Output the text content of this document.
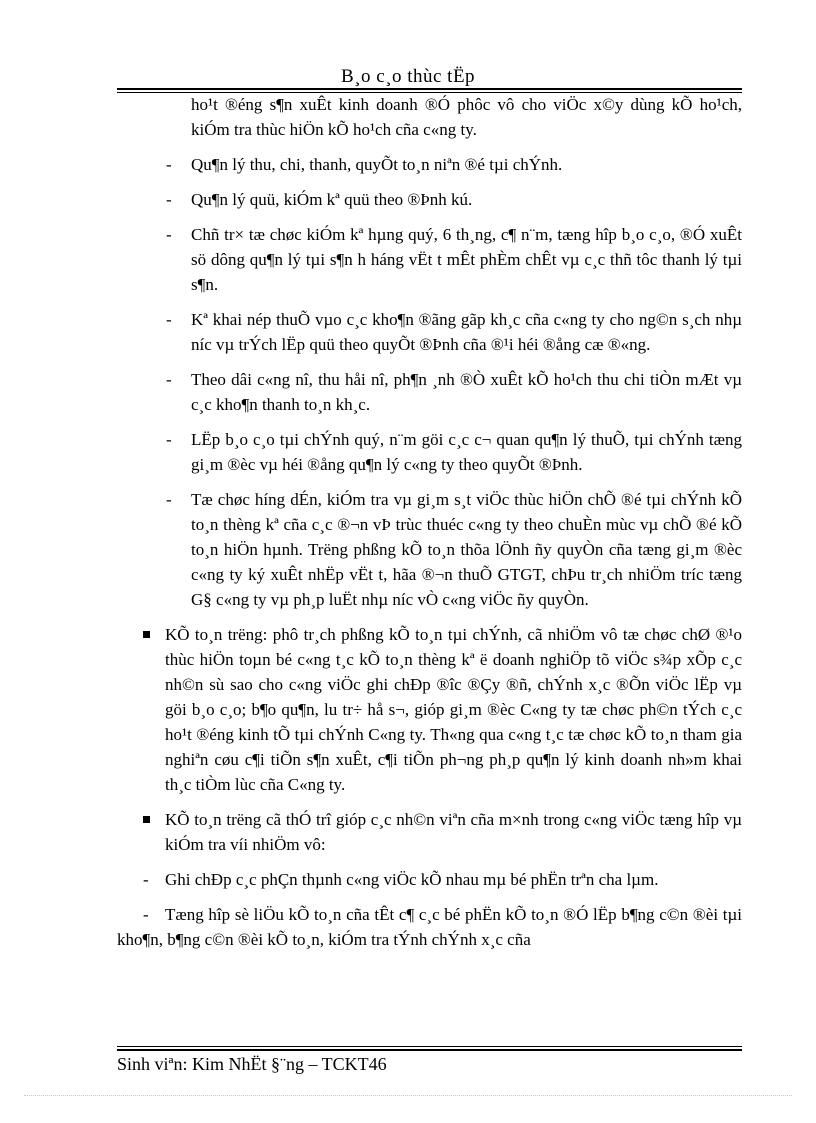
B¸o c¸o thùc tËp

ho¹t ®éng s¶n xuÊt kinh doanh ®Ó phôc vô cho viÖc x©y dùng kÕ ho¹ch, kiÓm tra thùc hiÖn kÕ ho¹ch cña c«ng ty.

- Qu¶n lý thu, chi, thanh, quyÕt to¸n niªn ®é tµi chÝnh.
- Qu¶n lý quü, kiÓm kª quü theo ®Þnh kú.
- Chñ tr× tæ chøc kiÓm kª hµng quý, 6 th¸ng, c¶ n¨m, tæng hîp b¸o c¸o, ®Ó xuÊt sö dông qu¶n lý tµi s¶n h háng vËt t mÊt phÈm chÊt vµ c¸c thñ tôc thanh lý tµi s¶n.
- Kª khai nép thuÕ vµo c¸c kho¶n ®ãng gãp kh¸c cña c«ng ty cho ng©n s¸ch nhµ níc vµ trÝch lËp quü theo quyÕt ®Þnh cña ®¹i héi ®ång cæ ®«ng.
- Theo dâi c«ng nî, thu håi nî, ph¶n ¸nh ®Ò xuÊt kÕ ho¹ch thu chi tiÒn mÆt vµ c¸c kho¶n thanh to¸n kh¸c.
- LËp b¸o c¸o tµi chÝnh quý, n¨m göi c¸c c¬ quan qu¶n lý thuÕ, tµi chÝnh tæng gi¸m ®èc vµ héi ®ång qu¶n lý c«ng ty theo quyÕt ®Þnh.
- Tæ chøc híng dÉn, kiÓm tra vµ gi¸m s¸t viÖc thùc hiÖn chÕ ®é tµi chÝnh kÕ to¸n thèng kª cña c¸c ®¬n vÞ trùc thuéc c«ng ty theo chuÈn mùc vµ chÕ ®é kÕ to¸n hiÖn hµnh. Trëng phßng kÕ to¸n thõa lÖnh ñy quyÒn cña tæng gi¸m ®èc c«ng ty ký xuÊt nhËp vËt t, hãa ®¬n thuÕ GTGT, chÞu tr¸ch nhiÖm tríc tæng G§ c«ng ty vµ ph¸p luËt nhµ níc vÒ c«ng viÖc ñy quyÒn.
KÕ to¸n trëng: phô tr¸ch phßng kÕ to¸n tµi chÝnh, cã nhiÖm vô tæ chøc chØ ®¹o thùc hiÖn toµn bé c«ng t¸c kÕ to¸n thèng kª ë doanh nghiÖp tõ viÖc s¾p xÕp c¸c nh©n sù sao cho c«ng viÖc ghi chÐp ®îc ®Çy ®ñ, chÝnh x¸c ®Õn viÖc lËp vµ göi b¸o c¸o; b¶o qu¶n, lu tr÷ hå s¬, gióp gi¸m ®èc C«ng ty tæ chøc ph©n tÝch c¸c ho¹t ®éng kinh tÕ tµi chÝnh C«ng ty. Th«ng qua c«ng t¸c tæ chøc kÕ to¸n tham gia nghiªn cøu c¶i tiÕn s¶n xuÊt, c¶i tiÕn ph¬ng ph¸p qu¶n lý kinh doanh nh»m khai th¸c tiÒm lùc cña C«ng ty.
KÕ to¸n trëng cã thÓ trî gióp c¸c nh©n viªn cña m×nh trong c«ng viÖc tæng hîp vµ kiÓm tra víi nhiÖm vô:
- Ghi chÐp c¸c phÇn thµnh c«ng viÖc kÕ nhau mµ bé phËn trªn cha lµm.

- Tæng hîp sè liÖu kÕ to¸n cña tÊt c¶ c¸c bé phËn kÕ to¸n ®Ó lËp b¶ng c©n ®èi tµi kho¶n, b¶ng c©n ®èi kÕ to¸n, kiÓm tra tÝnh chÝnh x¸c cña

Sinh viªn: Kim NhËt §¨ng – TCKT46
